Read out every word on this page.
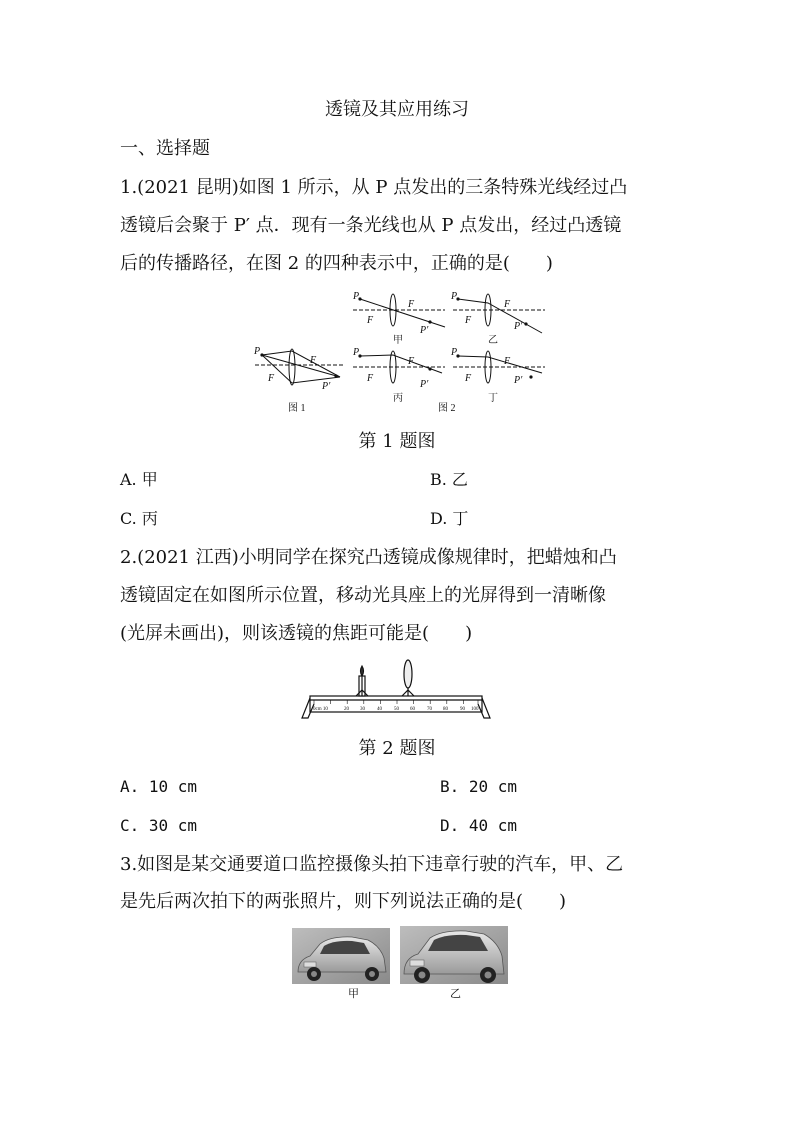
透镜及其应用练习
一、选择题
1.(2021 昆明)如图 1 所示，从 P 点发出的三条特殊光线经过凸
透镜后会聚于 P′ 点．现有一条光线也从 P 点发出，经过凸透镜
后的传播路径，在图 2 的四种表示中，正确的是(　　)
P
F
F
P′
P
F
F
P′
P
F
F
P′
P
F
F
P′
P
F
F
P′
甲	乙
丙	丁
图 1	图 2
第 1 题图
A. 甲	B. 乙
C. 丙	D. 丁
2.(2021 江西)小明同学在探究凸透镜成像规律时，把蜡烛和凸
透镜固定在如图所示位置，移动光具座上的光屏得到一清晰像
(光屏未画出)，则该透镜的焦距可能是(　　)
0cm 10	20 30 40 50 60 70 80 90 100
第 2 题图
A. 10 cm	B. 20 cm
C. 30 cm	D. 40 cm
3.如图是某交通要道口监控摄像头拍下违章行驶的汽车，甲、乙
是先后两次拍下的两张照片，则下列说法正确的是(　　)
甲	乙
